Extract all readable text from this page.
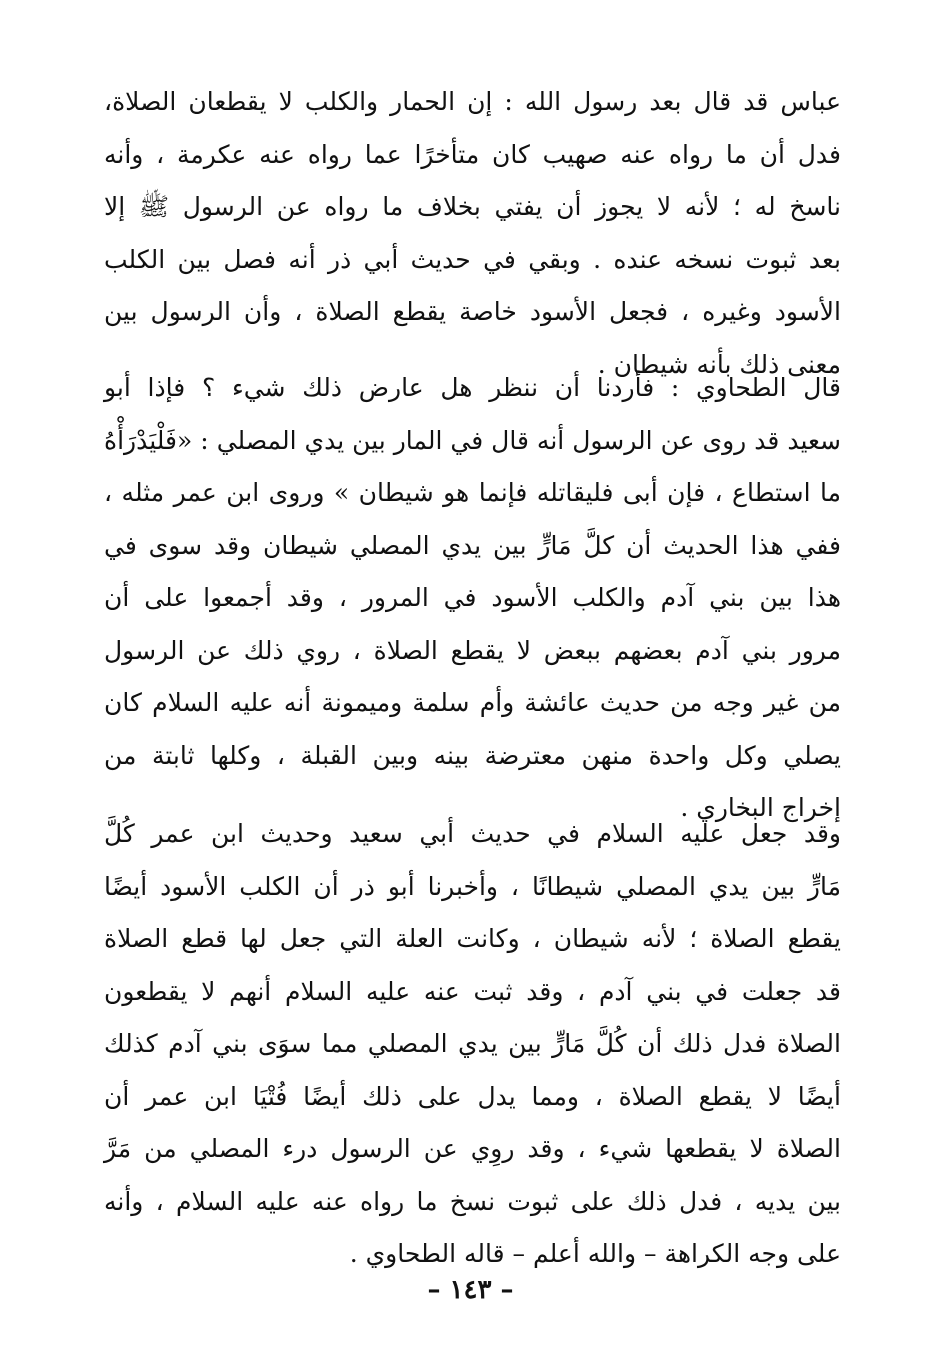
عباس قد قال بعد رسول الله : إن الحمار والكلب لا يقطعان الصلاة،
فدل أن ما رواه عنه صهيب كان متأخرًا عما رواه عنه عكرمة ، وأنه
ناسخ له ؛ لأنه لا يجوز أن يفتي بخلاف ما رواه عن الرسول ﷺ إلا
بعد ثبوت نسخه عنده . وبقي في حديث أبي ذر أنه فصل بين الكلب
الأسود وغيره ، فجعل الأسود خاصة يقطع الصلاة ، وأن الرسول بين
معنى ذلك بأنه شيطان .
قال الطحاوي : فأردنا أن ننظر هل عارض ذلك شيء ؟ فإذا أبو
سعيد قد روى عن الرسول أنه قال في المار بين يدي المصلي : «فَلْيَدْرَأْهُ
ما استطاع ، فإن أبى فليقاتله فإنما هو شيطان » وروى ابن عمر مثله ،
ففي هذا الحديث أن كلَّ مَارٍّ بين يدي المصلي شيطان وقد سوى في
هذا بين بني آدم والكلب الأسود في المرور ، وقد أجمعوا على أن
مرور بني آدم بعضهم ببعض لا يقطع الصلاة ، روي ذلك عن الرسول
من غير وجه من حديث عائشة وأم سلمة وميمونة أنه عليه السلام كان
يصلي وكل واحدة منهن معترضة بينه وبين القبلة ، وكلها ثابتة من
إخراج البخاري .
وقد جعل عليه السلام في حديث أبي سعيد وحديث ابن عمر كُلَّ
مَارٍّ بين يدي المصلي شيطانًا ، وأخبرنا أبو ذر أن الكلب الأسود أيضًا
يقطع الصلاة ؛ لأنه شيطان ، وكانت العلة التي جعل لها قطع الصلاة
قد جعلت في بني آدم ، وقد ثبت عنه عليه السلام أنهم لا يقطعون
الصلاة فدل ذلك أن كُلَّ مَارٍّ بين يدي المصلي مما سوَى بني آدم كذلك
أيضًا لا يقطع الصلاة ، ومما يدل على ذلك أيضًا فُتْيَا ابن عمر أن
الصلاة لا يقطعها شيء ، وقد روِي عن الرسول درء المصلي من مَرَّ
بين يديه ، فدل ذلك على ثبوت نسخ ما رواه عنه عليه السلام ، وأنه
على وجه الكراهة – والله أعلم – قاله الطحاوي .
– ١٤٣ –
